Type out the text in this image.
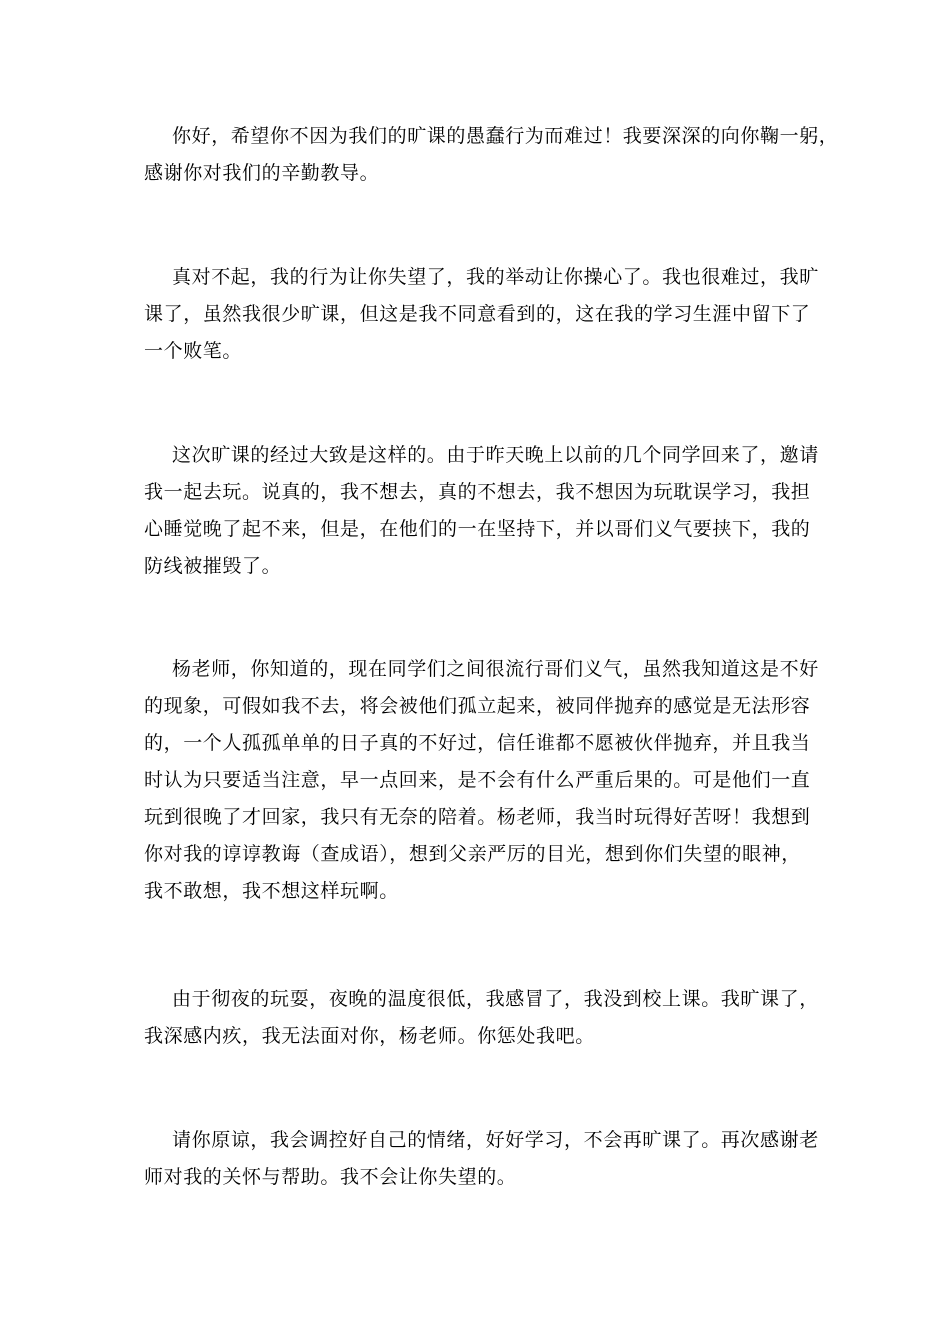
你好，希望你不因为我们的旷课的愚蠢行为而难过！我要深深的向你鞠一躬，
感谢你对我们的辛勤教导。
真对不起，我的行为让你失望了，我的举动让你操心了。我也很难过，我旷
课了，虽然我很少旷课，但这是我不同意看到的，这在我的学习生涯中留下了
一个败笔。
这次旷课的经过大致是这样的。由于昨天晚上以前的几个同学回来了，邀请
我一起去玩。说真的，我不想去，真的不想去，我不想因为玩耽误学习，我担
心睡觉晚了起不来，但是，在他们的一在坚持下，并以哥们义气要挟下，我的
防线被摧毁了。
杨老师，你知道的，现在同学们之间很流行哥们义气，虽然我知道这是不好
的现象，可假如我不去，将会被他们孤立起来，被同伴抛弃的感觉是无法形容
的，一个人孤孤单单的日子真的不好过，信任谁都不愿被伙伴抛弃，并且我当
时认为只要适当注意，早一点回来，是不会有什么严重后果的。可是他们一直
玩到很晚了才回家，我只有无奈的陪着。杨老师，我当时玩得好苦呀！我想到
你对我的谆谆教诲（查成语），想到父亲严厉的目光，想到你们失望的眼神，
我不敢想，我不想这样玩啊。
由于彻夜的玩耍，夜晚的温度很低，我感冒了，我没到校上课。我旷课了，
我深感内疚，我无法面对你，杨老师。你惩处我吧。
请你原谅，我会调控好自己的情绪，好好学习，不会再旷课了。再次感谢老
师对我的关怀与帮助。我不会让你失望的。
